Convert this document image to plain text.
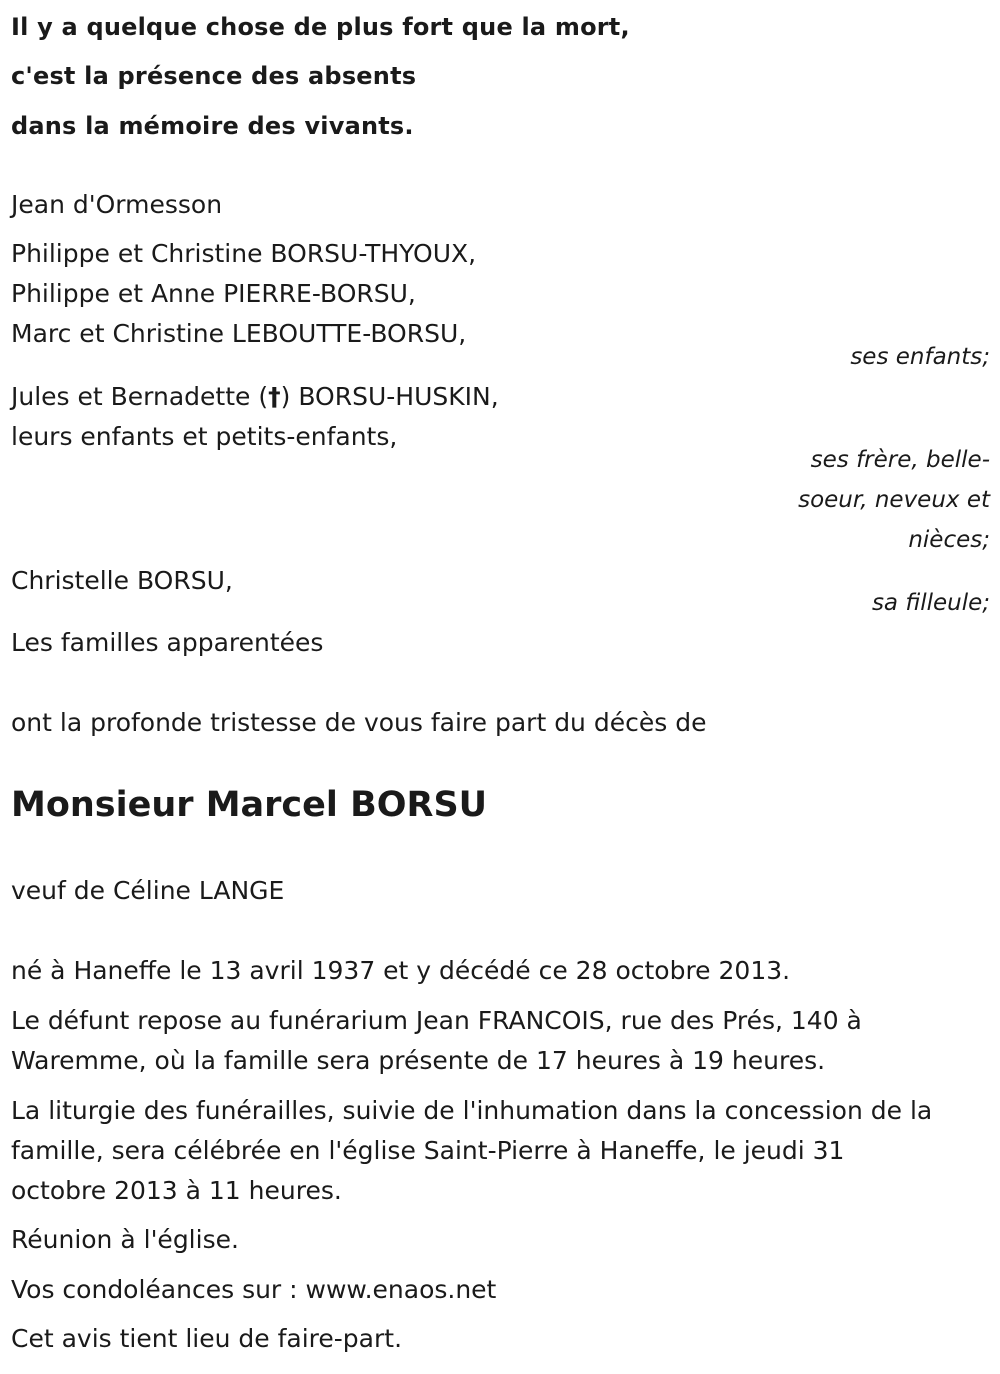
Il y a quelque chose de plus fort que la mort,
c'est la présence des absents
dans la mémoire des vivants.
Jean d'Ormesson
Philippe et Christine BORSU-THYOUX,
Philippe et Anne PIERRE-BORSU,
Marc et Christine LEBOUTTE-BORSU,
ses enfants;
Jules et Bernadette (†) BORSU-HUSKIN,
leurs enfants et petits-enfants,
ses frère, belle-
soeur, neveux et
nièces;
Christelle BORSU,
sa filleule;
Les familles apparentées
ont la profonde tristesse de vous faire part du décès de
Monsieur Marcel BORSU
veuf de Céline LANGE
né à Haneffe le 13 avril 1937 et y décédé ce 28 octobre 2013.
Le défunt repose au funérarium Jean FRANCOIS, rue des Prés, 140 à
Waremme, où la famille sera présente de 17 heures à 19 heures.
La liturgie des funérailles, suivie de l'inhumation dans la concession de la
famille, sera célébrée en l'église Saint-Pierre à Haneffe, le jeudi 31
octobre 2013 à 11 heures.
Réunion à l'église.
Vos condoléances sur : www.enaos.net
Cet avis tient lieu de faire-part.
